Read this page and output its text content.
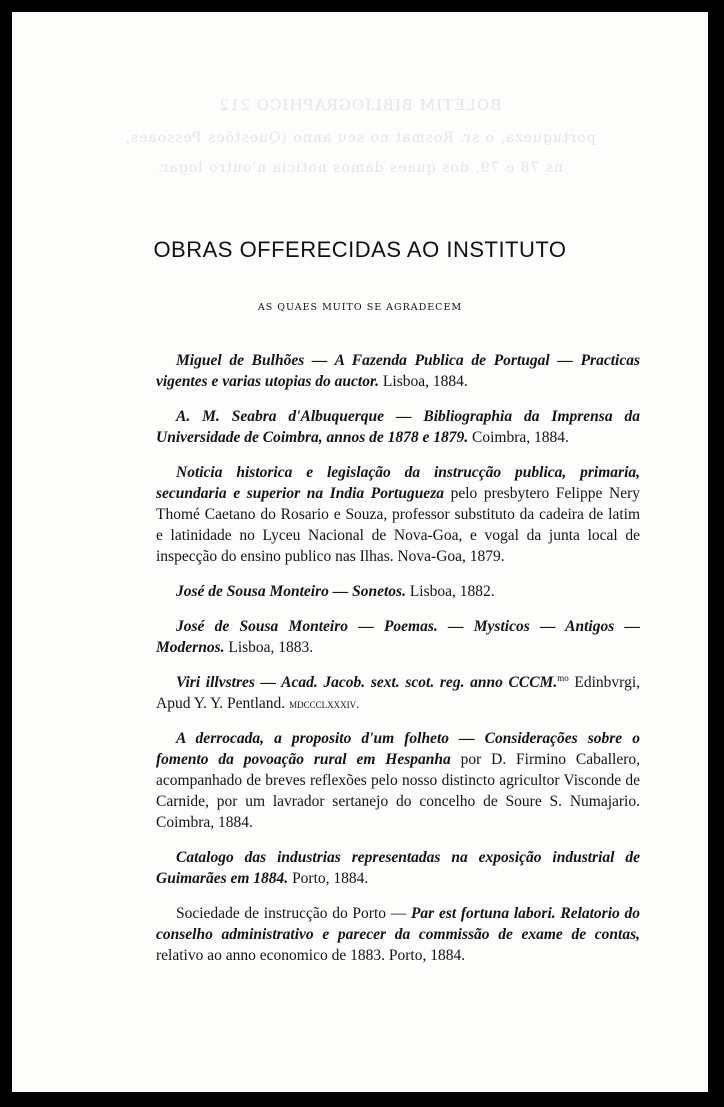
BOLETIM BIBLIOGRAPHICO 212
portugueza, o sr. Rosmat no seu anno (Questões Pessoaes,
ns 78 e 79, dos quaes damos noticia n'outro logar.
OBRAS OFFERECIDAS AO INSTITUTO

AS QUAES MUITO SE AGRADECEM

Miguel de Bulhões — A Fazenda Publica de Portugal — Practicas vigentes e varias utopias do auctor. Lisboa, 1884.

A. M. Seabra d'Albuquerque — Bibliographia da Imprensa da Universidade de Coimbra, annos de 1878 e 1879. Coimbra, 1884.

Noticia historica e legislação da instrucção publica, primaria, secundaria e superior na India Portugueza pelo presbytero Felippe Nery Thomé Caetano do Rosario e Souza, professor substituto da cadeira de latim e latinidade no Lyceu Nacional de Nova-Goa, e vogal da junta local de inspecção do ensino publico nas Ilhas. Nova-Goa, 1879.

José de Sousa Monteiro — Sonetos. Lisboa, 1882.

José de Sousa Monteiro — Poemas. — Mysticos — Antigos — Modernos. Lisboa, 1883.

Viri illvstres — Acad. Jacob. sext. scot. reg. anno CCCM.$^{mo}$ Edinbvrgi, Apud Y. Y. Pentland. mdccclxxxiv.

A derrocada, a proposito d'um folheto — Considerações sobre o fomento da povoação rural em Hespanha por D. Firmino Caballero, acompanhado de breves reflexões pelo nosso distincto agricultor Visconde de Carnide, por um lavrador sertanejo do concelho de Soure S. Numajario. Coimbra, 1884.

Catalogo das industrias representadas na exposição industrial de Guimarães em 1884. Porto, 1884.

Sociedade de instrucção do Porto — Par est fortuna labori. Relatorio do conselho administrativo e parecer da commissão de exame de contas, relativo ao anno economico de 1883. Porto, 1884.
